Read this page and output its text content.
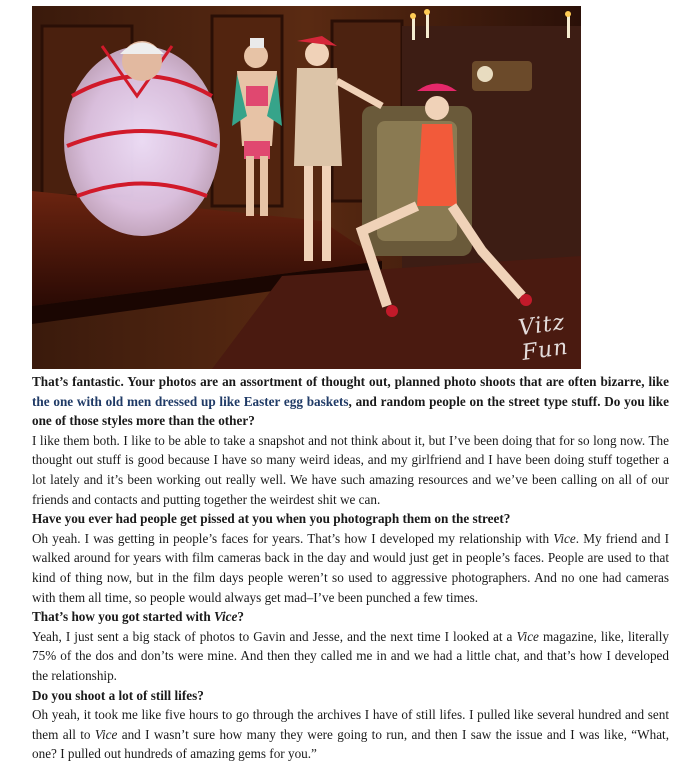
Vitz Fun

That’s fantastic. Your photos are an assortment of thought out, planned photo shoots that are often bizarre, like the one with old men dressed up like Easter egg baskets, and random people on the street type stuff. Do you like one of those styles more than the other?

I like them both. I like to be able to take a snapshot and not think about it, but I’ve been doing that for so long now. The thought out stuff is good because I have so many weird ideas, and my girlfriend and I have been doing stuff together a lot lately and it’s been working out really well. We have such amazing resources and we’ve been calling on all of our friends and contacts and putting together the weirdest shit we can.

Have you ever had people get pissed at you when you photograph them on the street?

Oh yeah. I was getting in people’s faces for years. That’s how I developed my relationship with Vice. My friend and I walked around for years with film cameras back in the day and would just get in people’s faces. People are used to that kind of thing now, but in the film days people weren’t so used to aggressive photographers. And no one had cameras with them all time, so people would always get mad–I’ve been punched a few times.

That’s how you got started with Vice?

Yeah, I just sent a big stack of photos to Gavin and Jesse, and the next time I looked at a Vice magazine, like, literally 75% of the dos and don’ts were mine. And then they called me in and we had a little chat, and that’s how I developed the relationship.

Do you shoot a lot of still lifes?

Oh yeah, it took me like five hours to go through the archives I have of still lifes. I pulled like several hundred and sent them all to Vice and I wasn’t sure how many they were going to run, and then I saw the issue and I was like, “What, one? I pulled out hundreds of amazing gems for you.”
